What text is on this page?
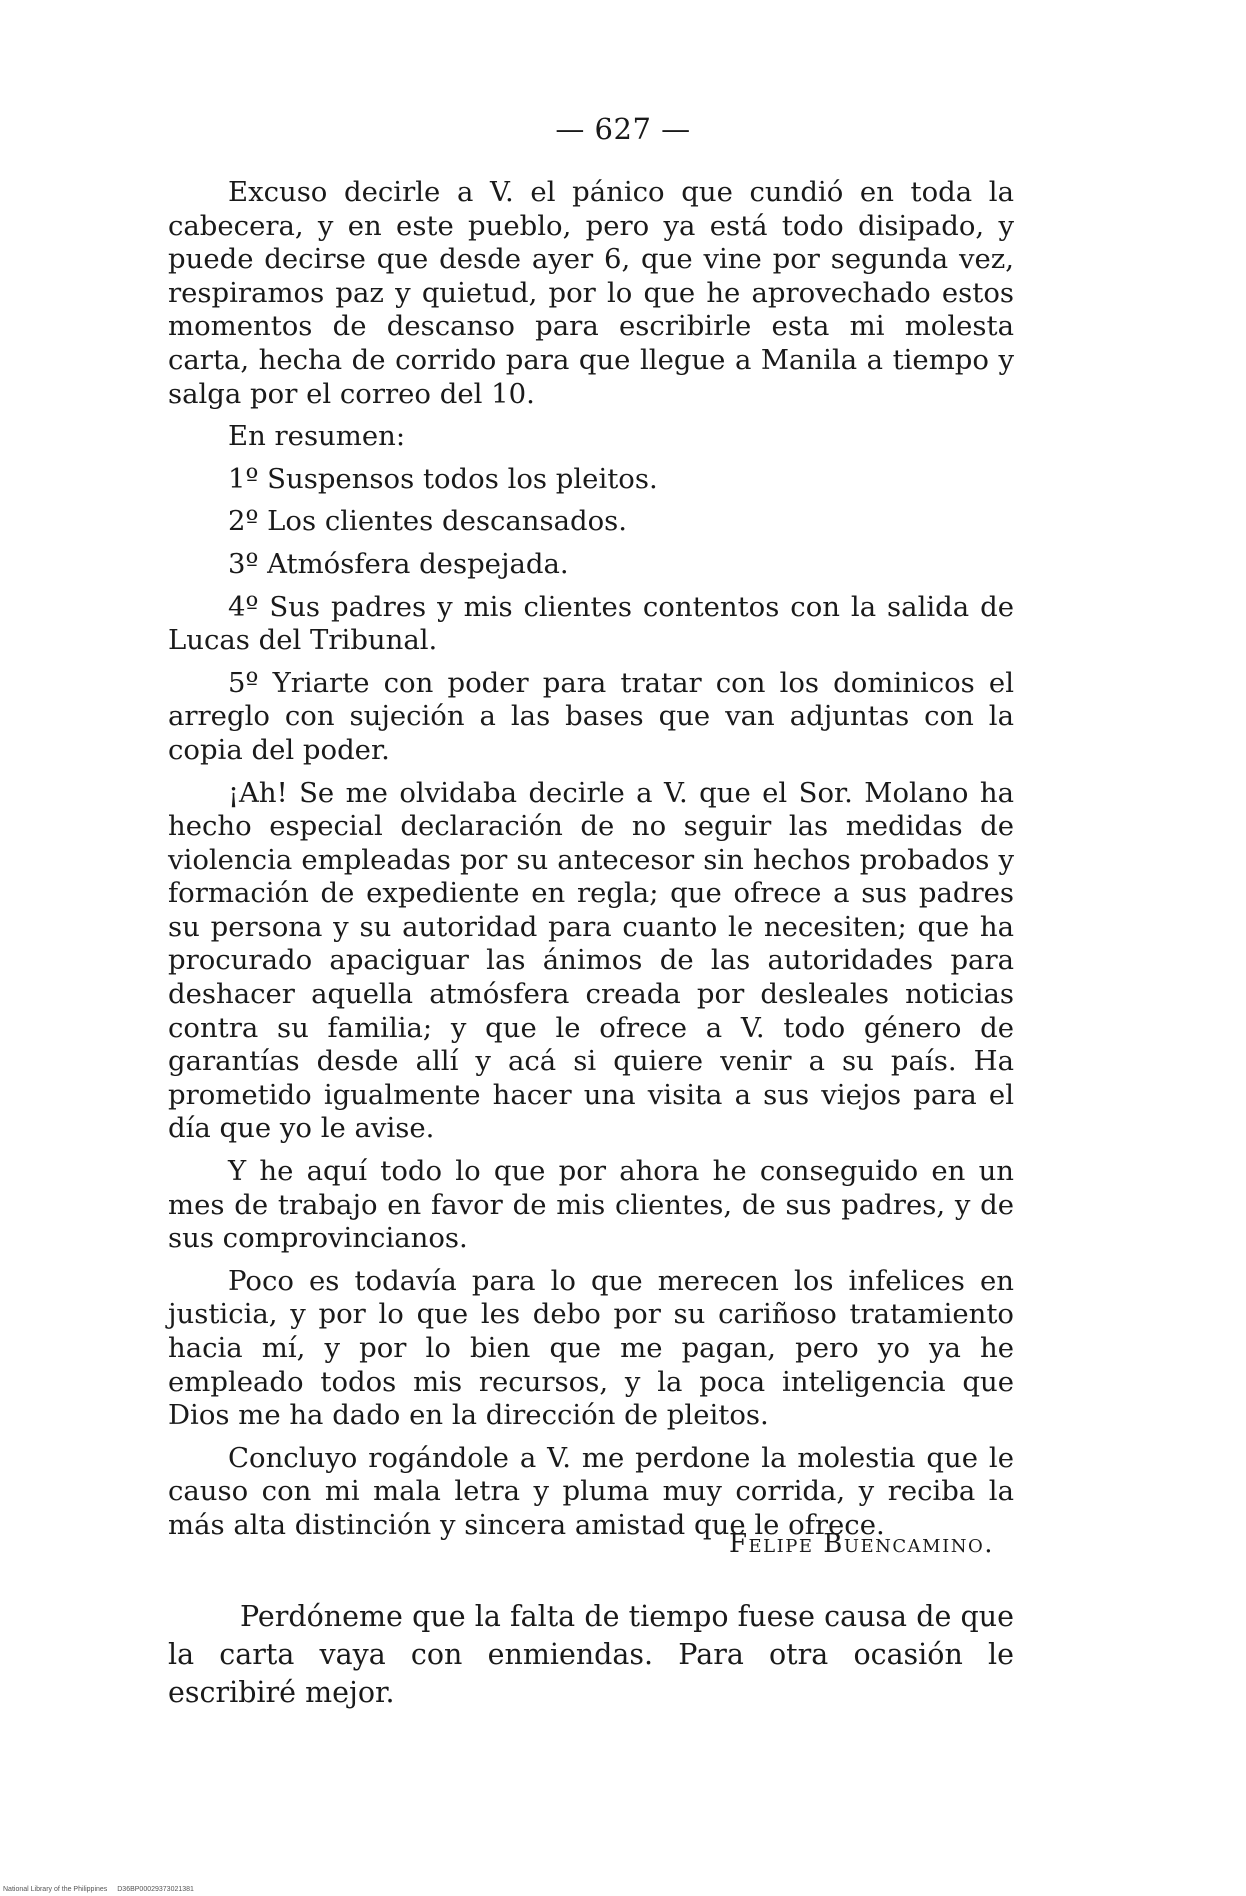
— 627 —

Excuso decirle a V. el pánico que cundió en toda la cabecera, y en este pueblo, pero ya está todo disipado, y puede decirse que desde ayer 6, que vine por segunda vez, respiramos paz y quietud, por lo que he aprovechado estos momentos de descanso para escribirle esta mi molesta carta, hecha de corrido para que llegue a Manila a tiempo y salga por el correo del 10.

En resumen:

1º Suspensos todos los pleitos.

2º Los clientes descansados.

3º Atmósfera despejada.

4º Sus padres y mis clientes contentos con la salida de Lucas del Tribunal.

5º Yriarte con poder para tratar con los dominicos el arreglo con sujeción a las bases que van adjuntas con la copia del poder.

¡Ah! Se me olvidaba decirle a V. que el Sor. Molano ha hecho especial declaración de no seguir las medidas de violencia empleadas por su antecesor sin hechos probados y formación de expediente en regla; que ofrece a sus padres su persona y su autoridad para cuanto le necesiten; que ha procurado apaciguar las ánimos de las autoridades para deshacer aquella atmósfera creada por desleales noticias contra su familia; y que le ofrece a V. todo género de garantías desde allí y acá si quiere venir a su país. Ha prometido igualmente hacer una visita a sus viejos para el día que yo le avise.

Y he aquí todo lo que por ahora he conseguido en un mes de trabajo en favor de mis clientes, de sus padres, y de sus comprovincianos.

Poco es todavía para lo que merecen los infelices en justicia, y por lo que les debo por su cariñoso tratamiento hacia mí, y por lo bien que me pagan, pero yo ya he empleado todos mis recursos, y la poca inteligencia que Dios me ha dado en la dirección de pleitos.

Concluyo rogándole a V. me perdone la molestia que le causo con mi mala letra y pluma muy corrida, y reciba la más alta distinción y sincera amistad que le ofrece.

Felipe Buencamino.

Perdóneme que la falta de tiempo fuese causa de que la carta vaya con enmiendas. Para otra ocasión le escribiré mejor.

National Library of the Philippines D36BP00029373021381
